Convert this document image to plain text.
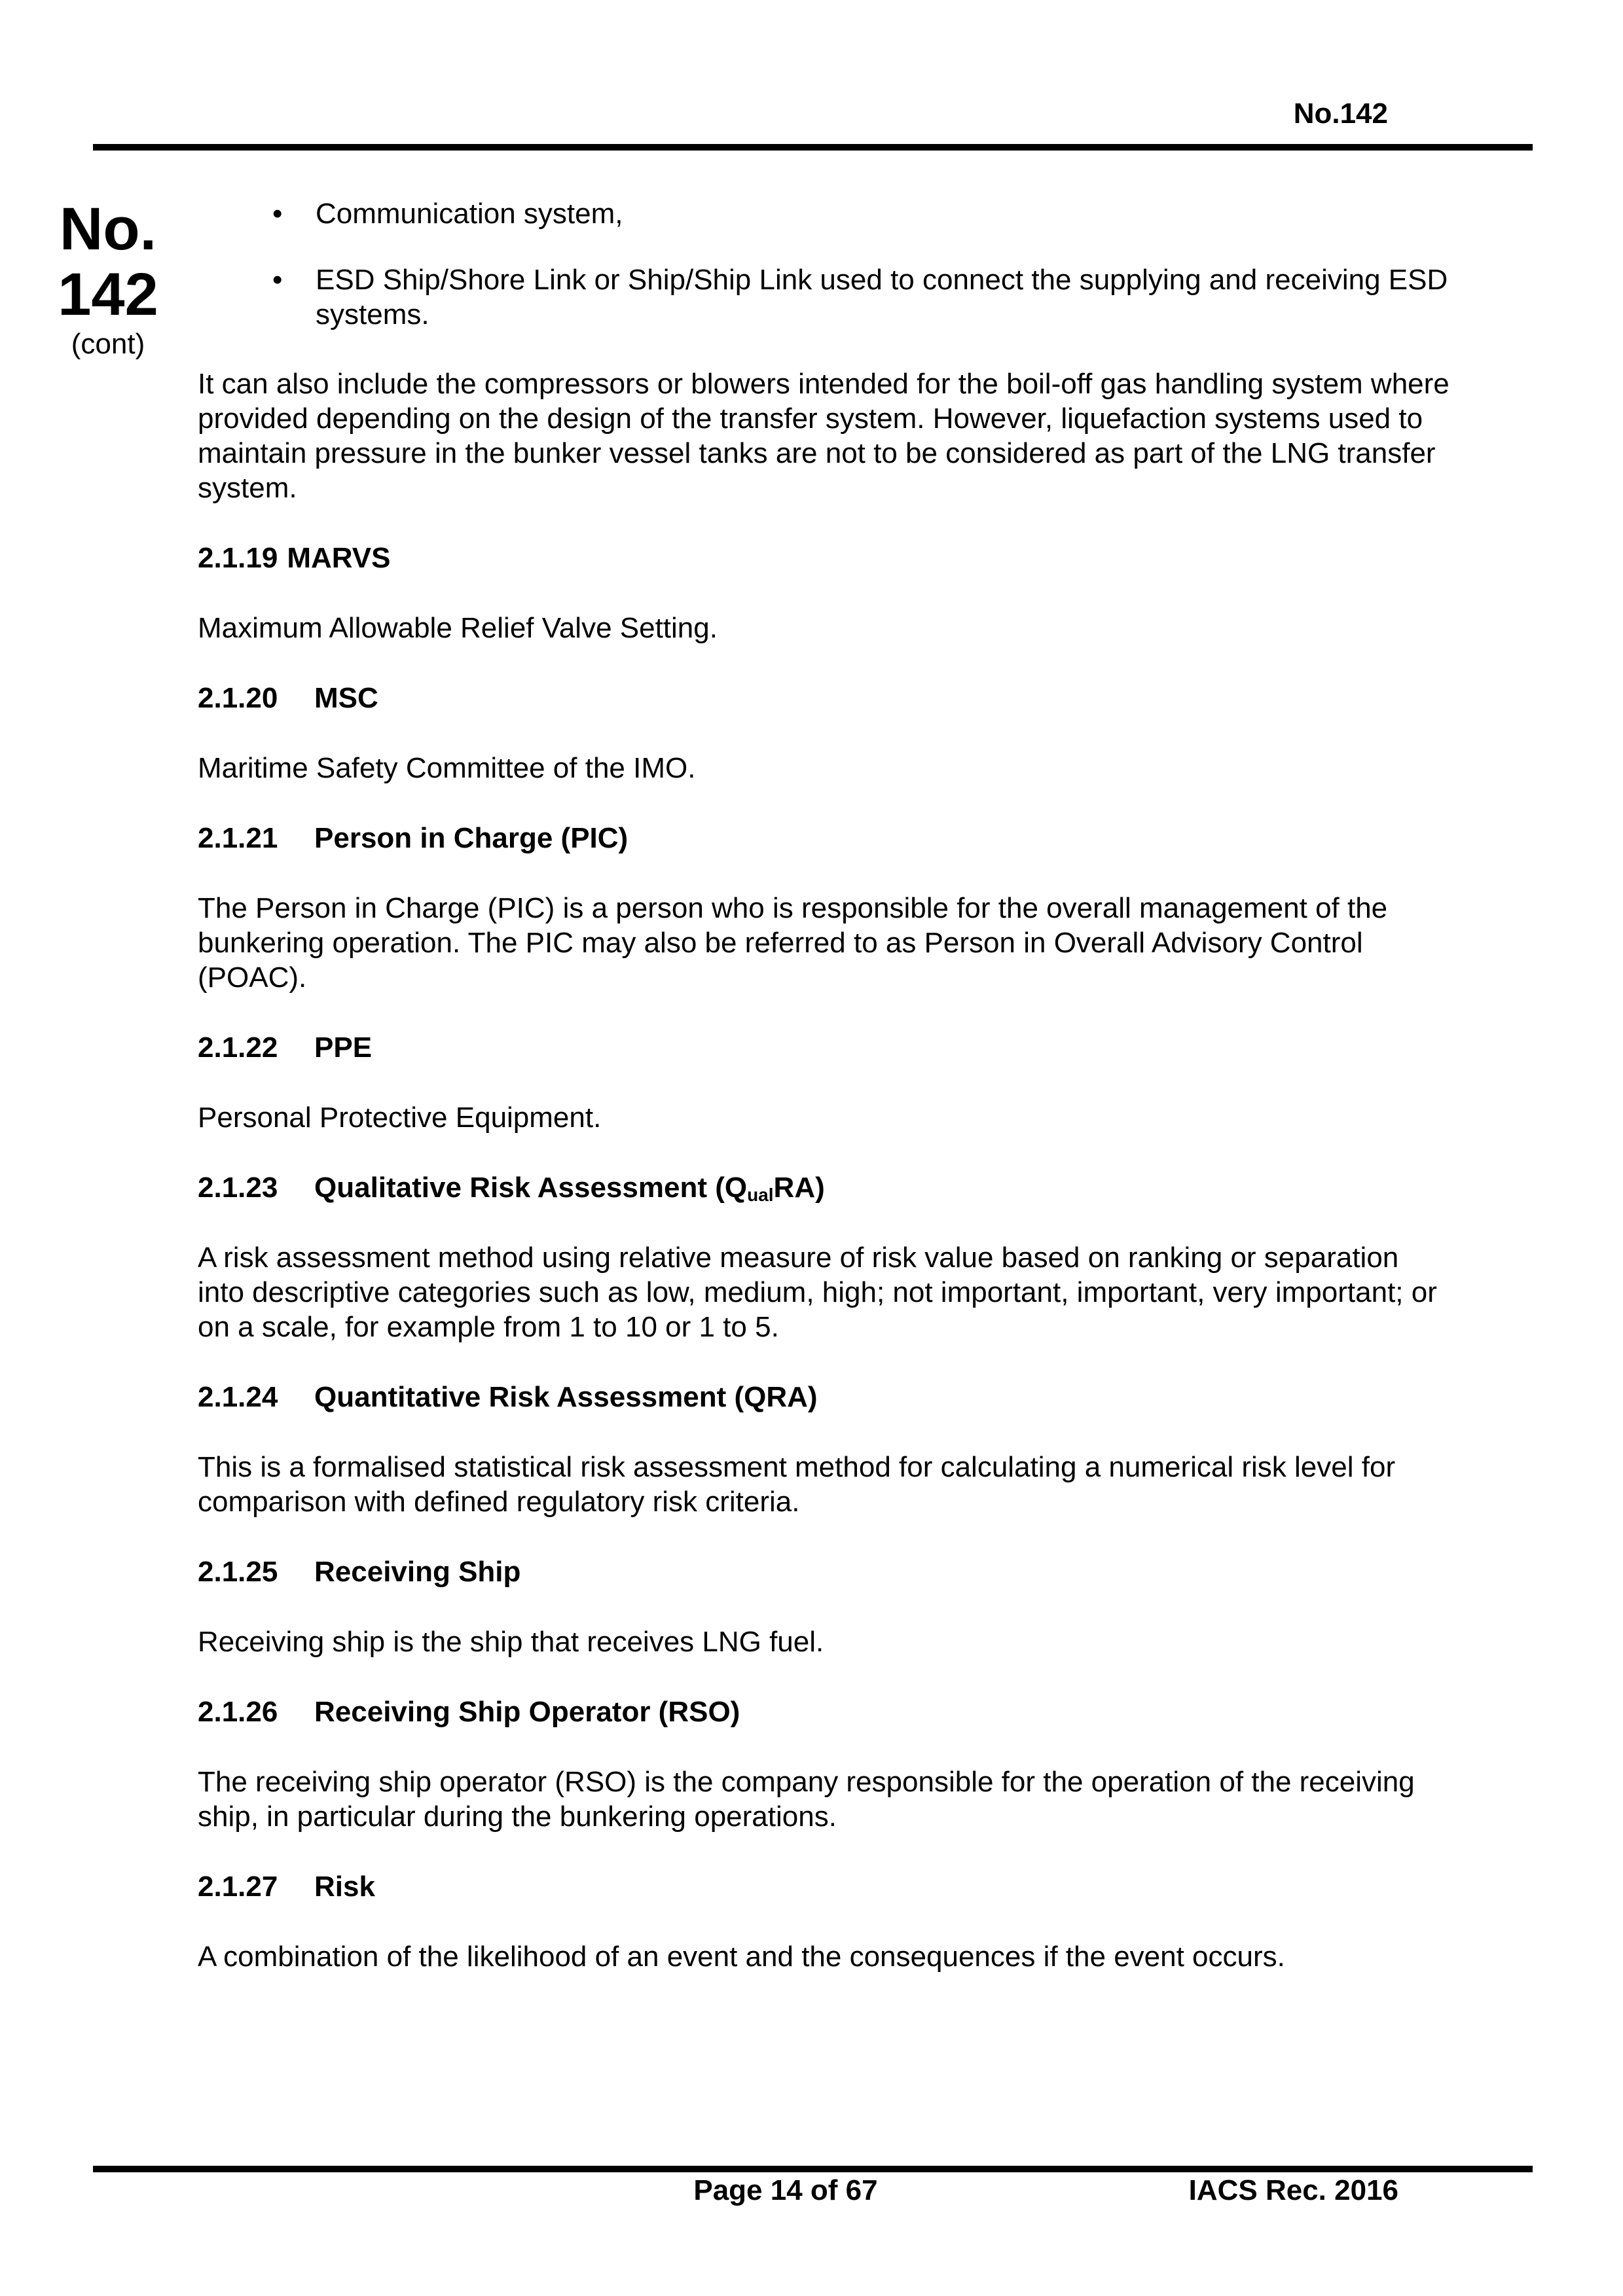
No.142
No.
142
(cont)
• Communication system,
• ESD Ship/Shore Link or Ship/Ship Link used to connect the supplying and receiving ESD systems.

It can also include the compressors or blowers intended for the boil-off gas handling system where provided depending on the design of the transfer system. However, liquefaction systems used to maintain pressure in the bunker vessel tanks are not to be considered as part of the LNG transfer system.

2.1.19 MARVS

Maximum Allowable Relief Valve Setting.

2.1.20 MSC

Maritime Safety Committee of the IMO.

2.1.21 Person in Charge (PIC)

The Person in Charge (PIC) is a person who is responsible for the overall management of the bunkering operation. The PIC may also be referred to as Person in Overall Advisory Control (POAC).

2.1.22 PPE

Personal Protective Equipment.

2.1.23 Qualitative Risk Assessment $(Q_{ual}RA)$

A risk assessment method using relative measure of risk value based on ranking or separation into descriptive categories such as low, medium, high; not important, important, very important; or on a scale, for example from 1 to 10 or 1 to 5.

2.1.24 Quantitative Risk Assessment (QRA)

This is a formalised statistical risk assessment method for calculating a numerical risk level for comparison with defined regulatory risk criteria.

2.1.25 Receiving Ship

Receiving ship is the ship that receives LNG fuel.

2.1.26 Receiving Ship Operator (RSO)

The receiving ship operator (RSO) is the company responsible for the operation of the receiving ship, in particular during the bunkering operations.

2.1.27 Risk

A combination of the likelihood of an event and the consequences if the event occurs.

Page 14 of 67	IACS Rec. 2016
